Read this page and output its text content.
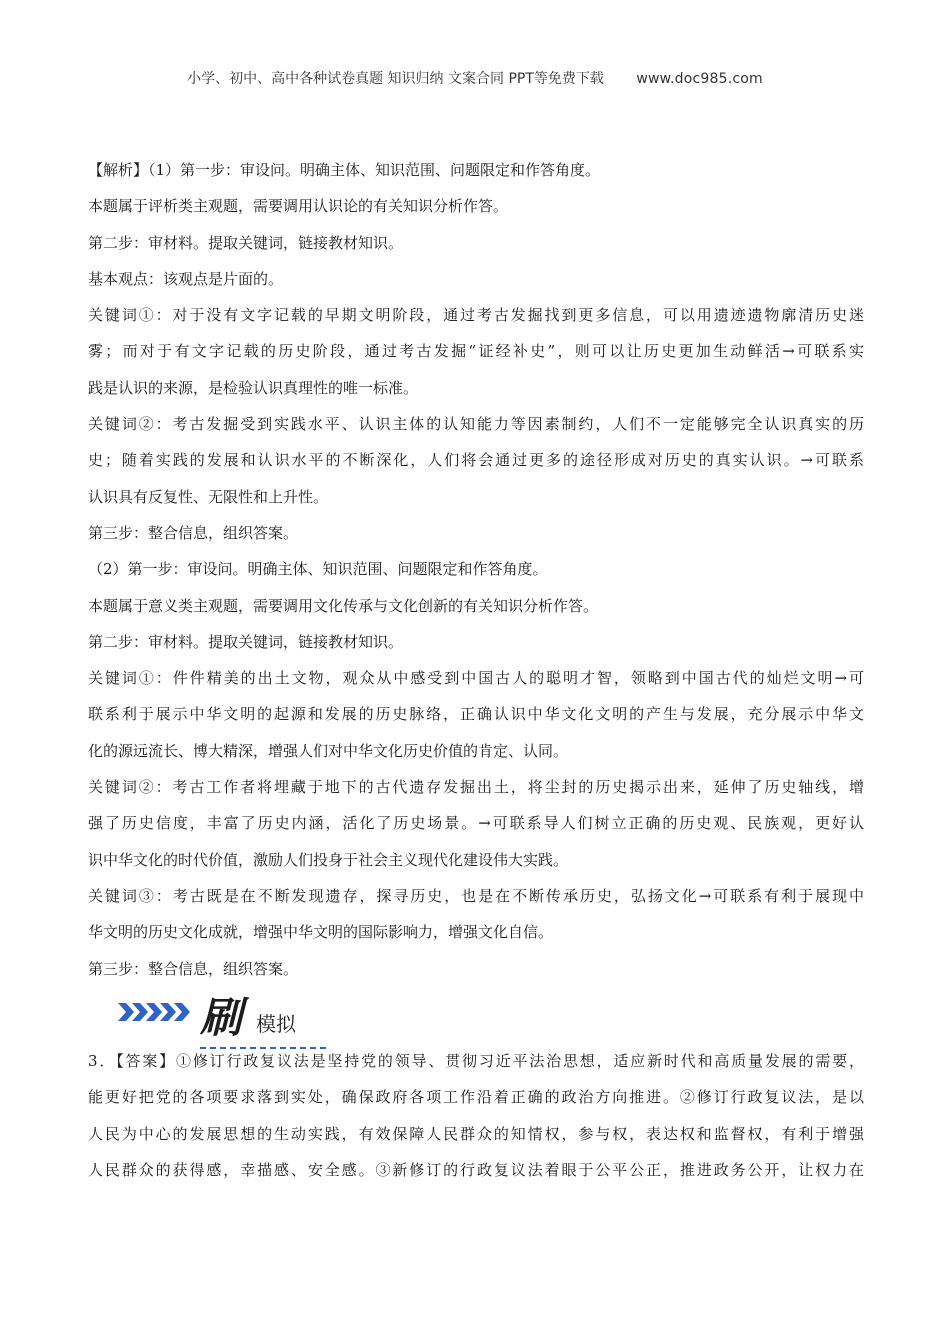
小学、初中、高中各种试卷真题 知识归纳 文案合同 PPT等免费下载 www.doc985.com
【解析】（1）第一步：审设问。明确主体、知识范围、问题限定和作答角度。
本题属于评析类主观题，需要调用认识论的有关知识分析作答。
第二步：审材料。提取关键词，链接教材知识。
基本观点：该观点是片面的。
关键词①：对于没有文字记载的早期文明阶段，通过考古发掘找到更多信息，可以用遗迹遗物廓清历史迷
雾；而对于有文字记载的历史阶段，通过考古发掘“证经补史”，则可以让历史更加生动鲜活→可联系实
践是认识的来源，是检验认识真理性的唯一标准。
关键词②：考古发掘受到实践水平、认识主体的认知能力等因素制约，人们不一定能够完全认识真实的历
史；随着实践的发展和认识水平的不断深化，人们将会通过更多的途径形成对历史的真实认识。→可联系
认识具有反复性、无限性和上升性。
第三步：整合信息，组织答案。
（2）第一步：审设问。明确主体、知识范围、问题限定和作答角度。
本题属于意义类主观题，需要调用文化传承与文化创新的有关知识分析作答。
第二步：审材料。提取关键词，链接教材知识。
关键词①：件件精美的出土文物，观众从中感受到中国古人的聪明才智，领略到中国古代的灿烂文明→可
联系利于展示中华文明的起源和发展的历史脉络，正确认识中华文化文明的产生与发展，充分展示中华文
化的源远流长、博大精深，增强人们对中华文化历史价值的肯定、认同。
关键词②：考古工作者将埋藏于地下的古代遗存发掘出土，将尘封的历史揭示出来，延伸了历史轴线，增
强了历史信度，丰富了历史内涵，活化了历史场景。→可联系导人们树立正确的历史观、民族观，更好认
识中华文化的时代价值，激励人们投身于社会主义现代化建设伟大实践。
关键词③：考古既是在不断发现遗存，探寻历史，也是在不断传承历史，弘扬文化→可联系有利于展现中
华文明的历史文化成就，增强中华文明的国际影响力，增强文化自信。
第三步：整合信息，组织答案。
刷 模拟
3．【答案】①修订行政复议法是坚持党的领导、贯彻习近平法治思想，适应新时代和高质量发展的需要，
能更好把党的各项要求落到实处，确保政府各项工作沿着正确的政治方向推进。②修订行政复议法，是以
人民为中心的发展思想的生动实践，有效保障人民群众的知情权，参与权，表达权和监督权，有利于增强
人民群众的获得感，幸描感、安全感。③新修订的行政复议法着眼于公平公正，推进政务公开，让权力在
